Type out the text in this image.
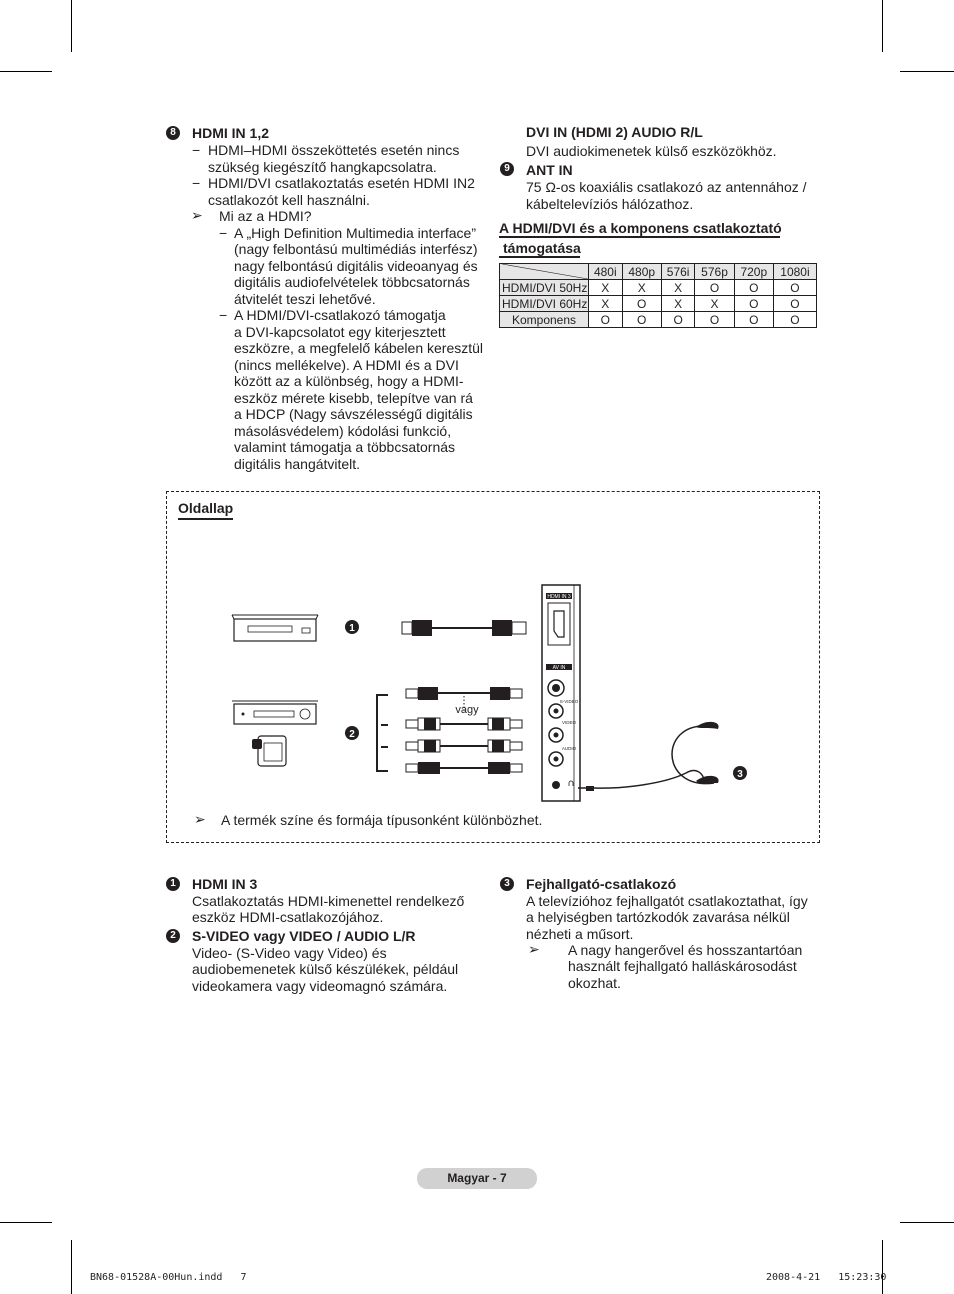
8	HDMI IN 1,2
− HDMI–HDMI összeköttetés esetén nincs
szükség kiegészítő hangkapcsolatra.
− HDMI/DVI csatlakoztatás esetén HDMI IN2
csatlakozót kell használni.
➢ Mi az a HDMI?
− A „High Definition Multimedia interface”
(nagy felbontású multimédiás interfész)
nagy felbontású digitális videoanyag és
digitális audiofelvételek többcsatornás
átvitelét teszi lehetővé.
− A HDMI/DVI-csatlakozó támogatja
a DVI-kapcsolatot egy kiterjesztett
eszközre, a megfelelő kábelen keresztül
(nincs mellékelve). A HDMI és a DVI
között az a különbség, hogy a HDMI-
eszköz mérete kisebb, telepítve van rá
a HDCP (Nagy sávszélességű digitális
másolásvédelem) kódolási funkció,
valamint támogatja a többcsatornás
digitális hangátvitelt.
DVI IN (HDMI 2) AUDIO R/L
DVI audiokimenetek külső eszközökhöz.
9	ANT IN
75 Ω-os koaxiális csatlakozó az antennához /
kábeltelevíziós hálózathoz.
A HDMI/DVI és a komponens csatlakoztató
támogatása
	480i	480p	576i	576p	720p	1080i
HDMI/DVI 50Hz	X	X	X	O	O	O
HDMI/DVI 60Hz	X	O	X	X	O	O
Komponens	O	O	O	O	O	O
Oldallap
1
2
vagy
HDMI IN 3
AV IN
S-VIDEO
VIDEO
AUDIO
3
➢ A termék színe és formája típusonként különbözhet.
1	HDMI IN 3
Csatlakoztatás HDMI-kimenettel rendelkező
eszköz HDMI-csatlakozójához.
2	S-VIDEO vagy VIDEO / AUDIO L/R
Video- (S-Video vagy Video) és
audiobemenetek külső készülékek, például
videokamera vagy videomagnó számára.
3	Fejhallgató-csatlakozó
A televízióhoz fejhallgatót csatlakoztathat, így
a helyiségben tartózkodók zavarása nélkül
nézheti a műsort.
➢ A nagy hangerővel és hosszantartóan
használt fejhallgató halláskárosodást
okozhat.
Magyar - 7
BN68-01528A-00Hun.indd   7	2008-4-21   15:23:30
